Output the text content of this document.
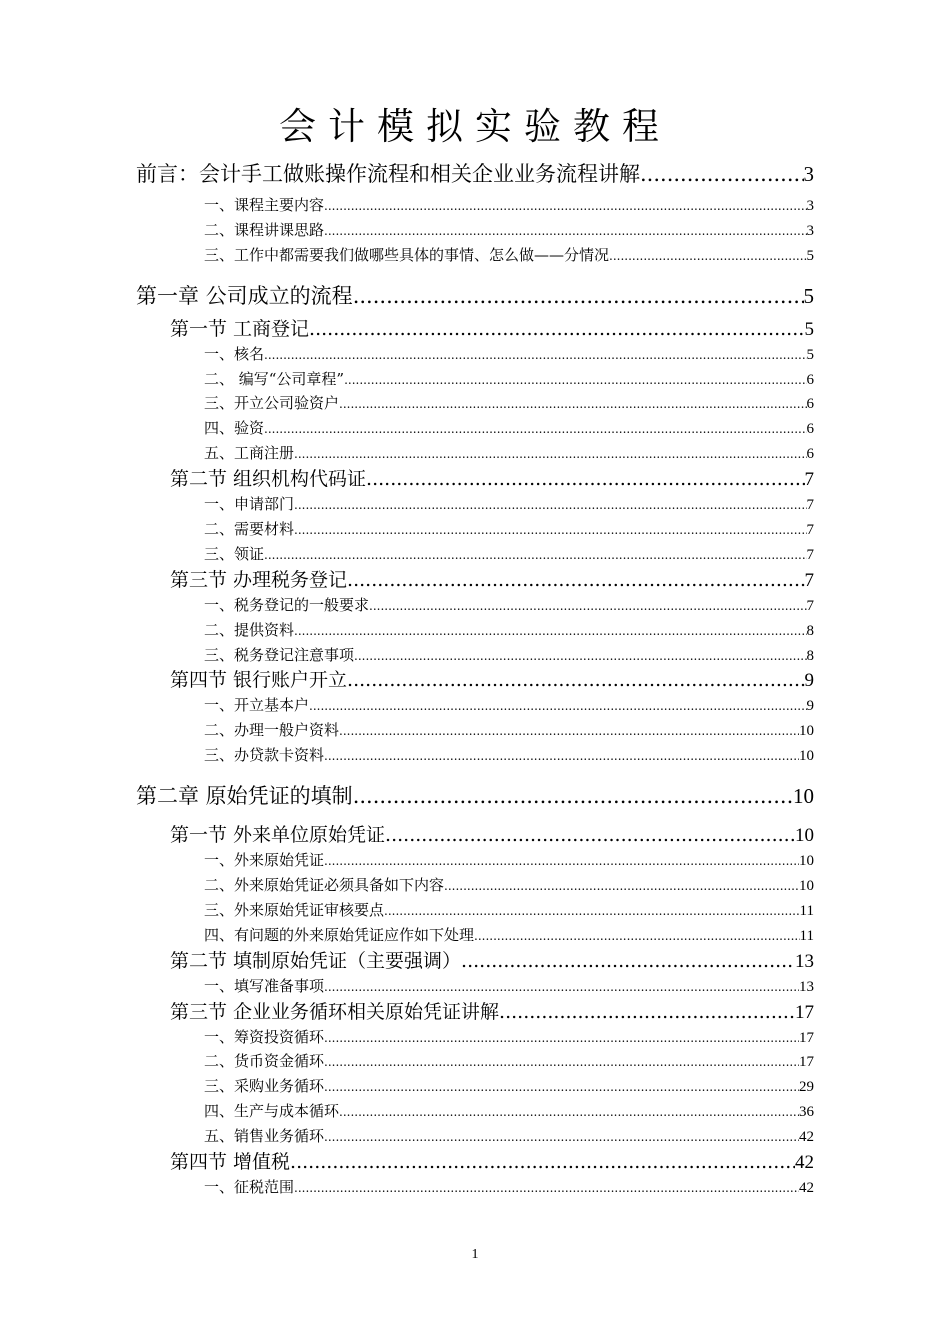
会计模拟实验教程
前言：会计手工做账操作流程和相关企业业务流程讲解 .....	3
一、课程主要内容 .....	3
二、课程讲课思路 .....	3
三、工作中都需要我们做哪些具体的事情、怎么做——分情况 .....	5
第一章 公司成立的流程 .....	5
第一节 工商登记 .....	5
一、核名 .....	5
二、 编写“公司章程” .....	6
三、开立公司验资户 .....	6
四、验资 .....	6
五、工商注册 .....	6
第二节 组织机构代码证 .....	7
一、申请部门 .....	7
二、需要材料 .....	7
三、领证 .....	7
第三节 办理税务登记 .....	7
一、税务登记的一般要求 .....	7
二、提供资料 .....	8
三、税务登记注意事项 .....	8
第四节 银行账户开立 .....	9
一、开立基本户 .....	9
二、办理一般户资料 .....	10
三、办贷款卡资料 .....	10
第二章 原始凭证的填制 .....	10
第一节 外来单位原始凭证 .....	10
一、外来原始凭证 .....	10
二、外来原始凭证必须具备如下内容 .....	10
三、外来原始凭证审核要点 .....	11
四、有问题的外来原始凭证应作如下处理 .....	11
第二节 填制原始凭证（主要强调） .....	13
一、填写准备事项 .....	13
第三节 企业业务循环相关原始凭证讲解 .....	17
一、筹资投资循环 .....	17
二、货币资金循环 .....	17
三、采购业务循环 .....	29
四、生产与成本循环 .....	36
五、销售业务循环 .....	42
第四节 增值税 .....	42
一、征税范围 .....	42
1
